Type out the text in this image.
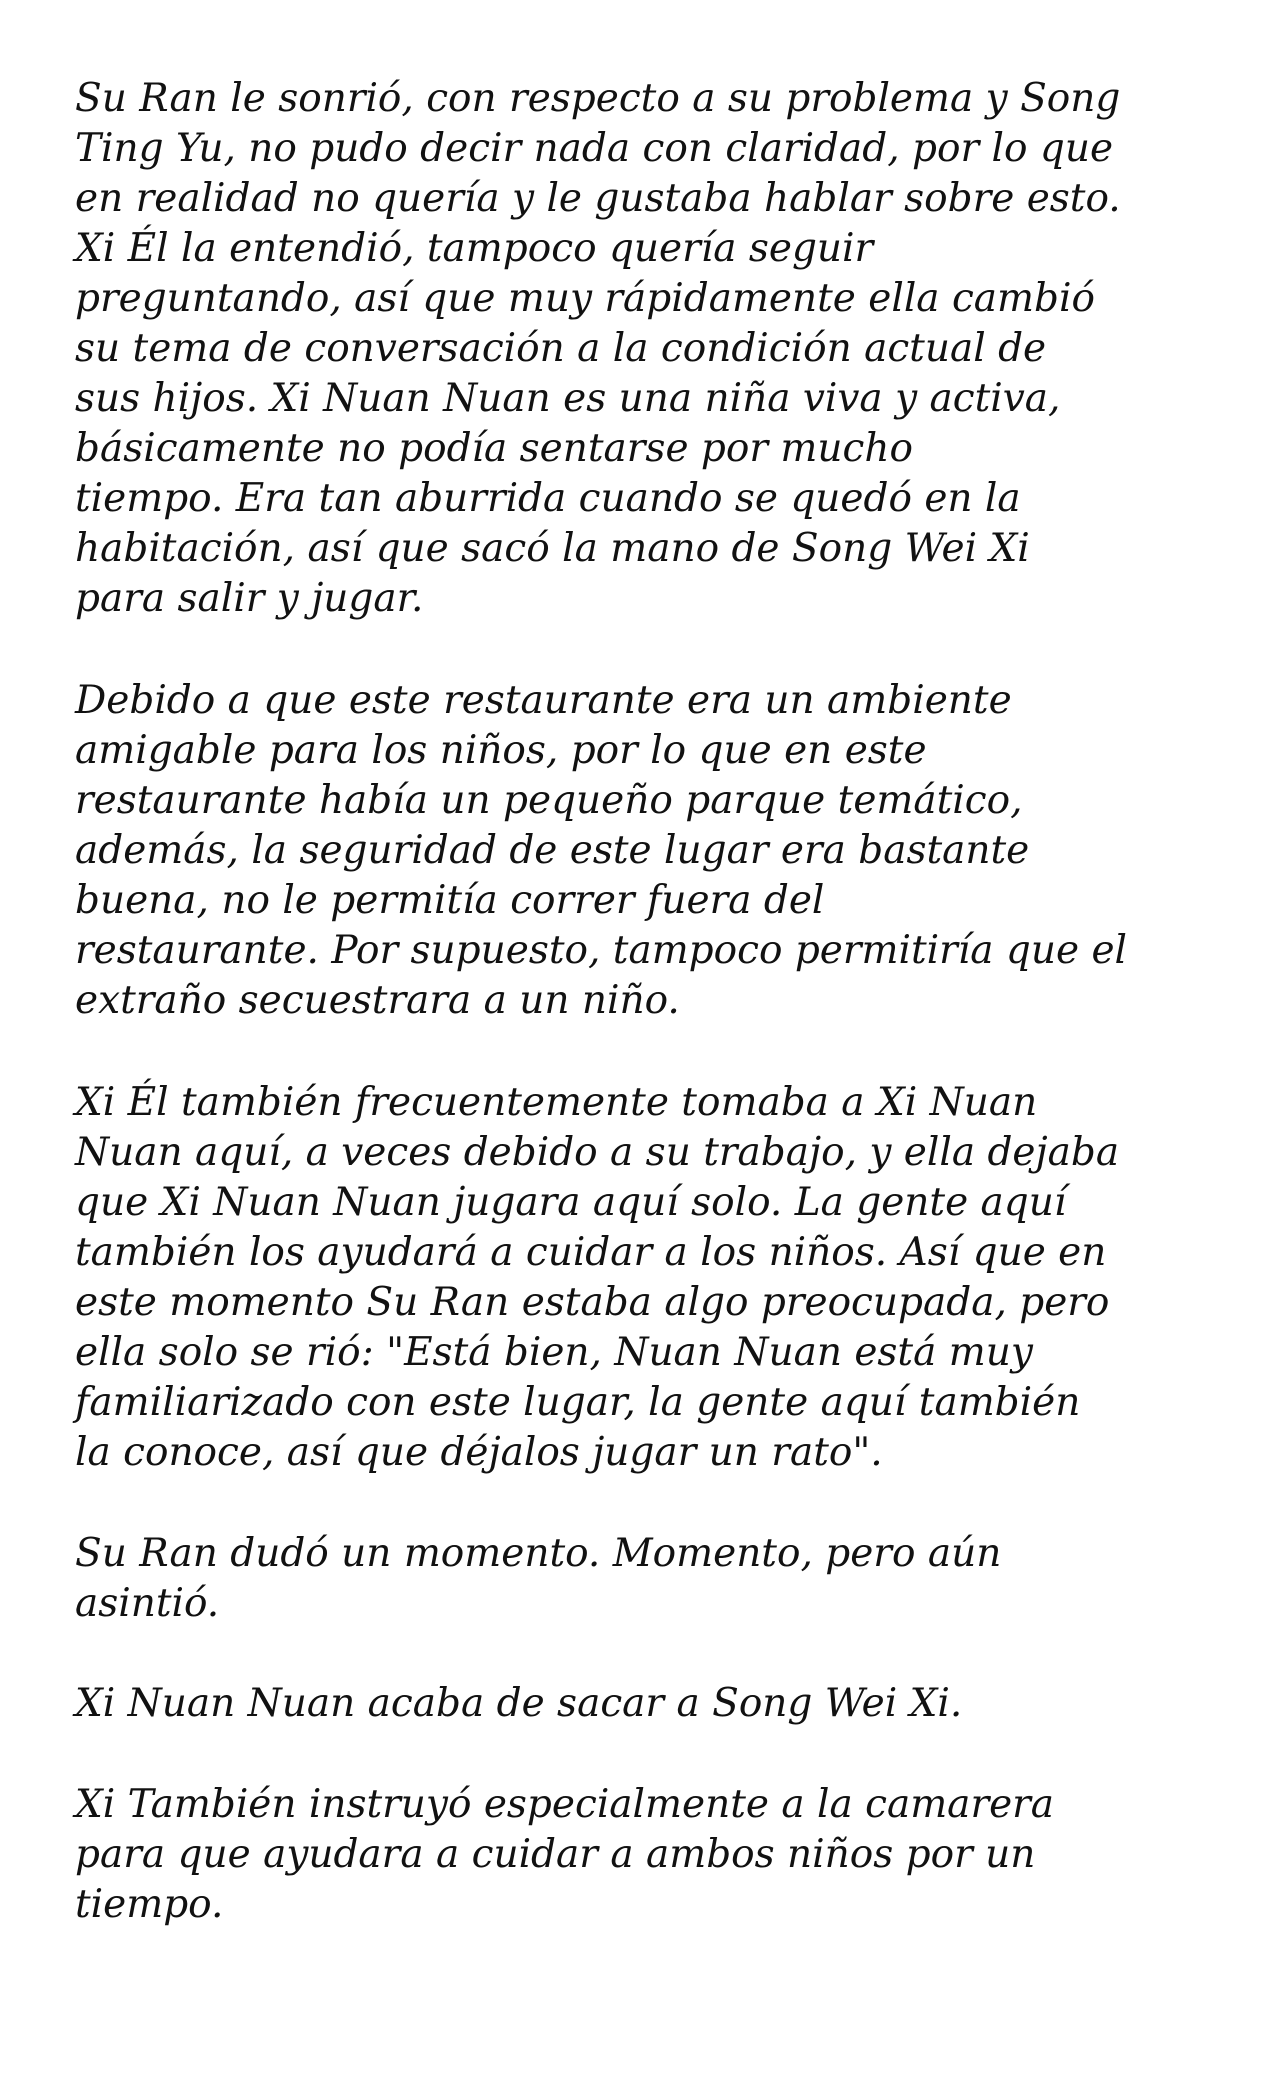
Su Ran le sonrió, con respecto a su problema y Song
Ting Yu, no pudo decir nada con claridad, por lo que
en realidad no quería y le gustaba hablar sobre esto.
Xi Él la entendió, tampoco quería seguir
preguntando, así que muy rápidamente ella cambió
su tema de conversación a la condición actual de
sus hijos. Xi Nuan Nuan es una niña viva y activa,
básicamente no podía sentarse por mucho
tiempo. Era tan aburrida cuando se quedó en la
habitación, así que sacó la mano de Song Wei Xi
para salir y jugar.
Debido a que este restaurante era un ambiente
amigable para los niños, por lo que en este
restaurante había un pequeño parque temático,
además, la seguridad de este lugar era bastante
buena, no le permitía correr fuera del
restaurante. Por supuesto, tampoco permitiría que el
extraño secuestrara a un niño.
Xi Él también frecuentemente tomaba a Xi Nuan
Nuan aquí, a veces debido a su trabajo, y ella dejaba
que Xi Nuan Nuan jugara aquí solo. La gente aquí
también los ayudará a cuidar a los niños. Así que en
este momento Su Ran estaba algo preocupada, pero
ella solo se rió: "Está bien, Nuan Nuan está muy
familiarizado con este lugar, la gente aquí también
la conoce, así que déjalos jugar un rato".
Su Ran dudó un momento. Momento, pero aún
asintió.
Xi Nuan Nuan acaba de sacar a Song Wei Xi.
Xi También instruyó especialmente a la camarera
para que ayudara a cuidar a ambos niños por un
tiempo.
